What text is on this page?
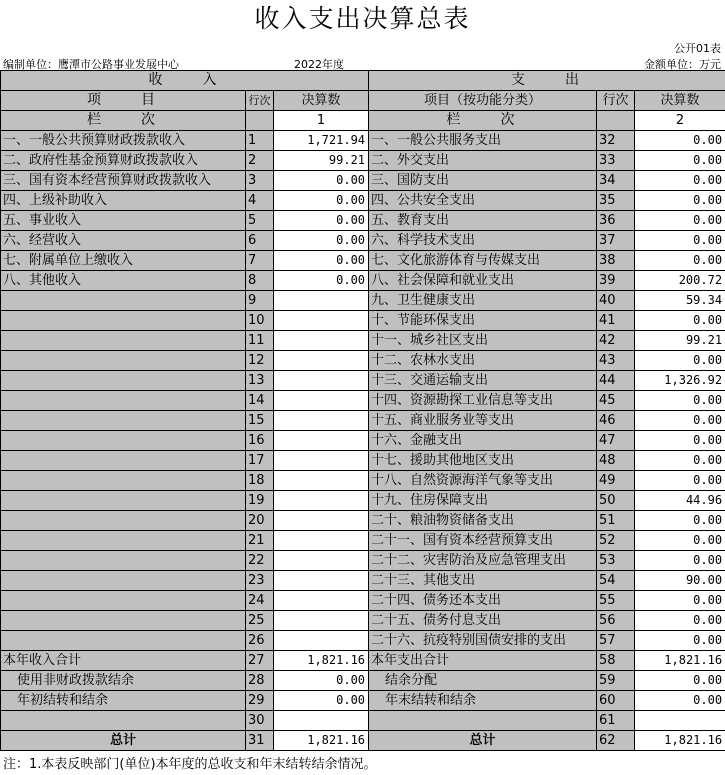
收入支出决算总表
公开01表
编制单位：鹰潭市公路事业发展中心	2022年度	金额单位：万元
收　　入			支　　出		
项　　目	行次	决算数	项目（按功能分类）	行次	决算数
栏　　次		1	栏　　次		2
一、一般公共预算财政拨款收入	1	1,721.94	一、一般公共服务支出	32	0.00
二、政府性基金预算财政拨款收入	2	99.21	二、外交支出	33	0.00
三、国有资本经营预算财政拨款收入	3	0.00	三、国防支出	34	0.00
四、上级补助收入	4	0.00	四、公共安全支出	35	0.00
五、事业收入	5	0.00	五、教育支出	36	0.00
六、经营收入	6	0.00	六、科学技术支出	37	0.00
七、附属单位上缴收入	7	0.00	七、文化旅游体育与传媒支出	38	0.00
八、其他收入	8	0.00	八、社会保障和就业支出	39	200.72
	9		九、卫生健康支出	40	59.34
	10		十、节能环保支出	41	0.00
	11		十一、城乡社区支出	42	99.21
	12		十二、农林水支出	43	0.00
	13		十三、交通运输支出	44	1,326.92
	14		十四、资源勘探工业信息等支出	45	0.00
	15		十五、商业服务业等支出	46	0.00
	16		十六、金融支出	47	0.00
	17		十七、援助其他地区支出	48	0.00
	18		十八、自然资源海洋气象等支出	49	0.00
	19		十九、住房保障支出	50	44.96
	20		二十、粮油物资储备支出	51	0.00
	21		二十一、国有资本经营预算支出	52	0.00
	22		二十二、灾害防治及应急管理支出	53	0.00
	23		二十三、其他支出	54	90.00
	24		二十四、债务还本支出	55	0.00
	25		二十五、债务付息支出	56	0.00
	26		二十六、抗疫特别国债安排的支出	57	0.00
本年收入合计	27	1,821.16	本年支出合计	58	1,821.16
使用非财政拨款结余	28	0.00	结余分配	59	0.00
年初结转和结余	29	0.00	年末结转和结余	60	0.00
	30			61	
总计	31	1,821.16	总计	62	1,821.16
注：1.本表反映部门(单位)本年度的总收支和年末结转结余情况。
